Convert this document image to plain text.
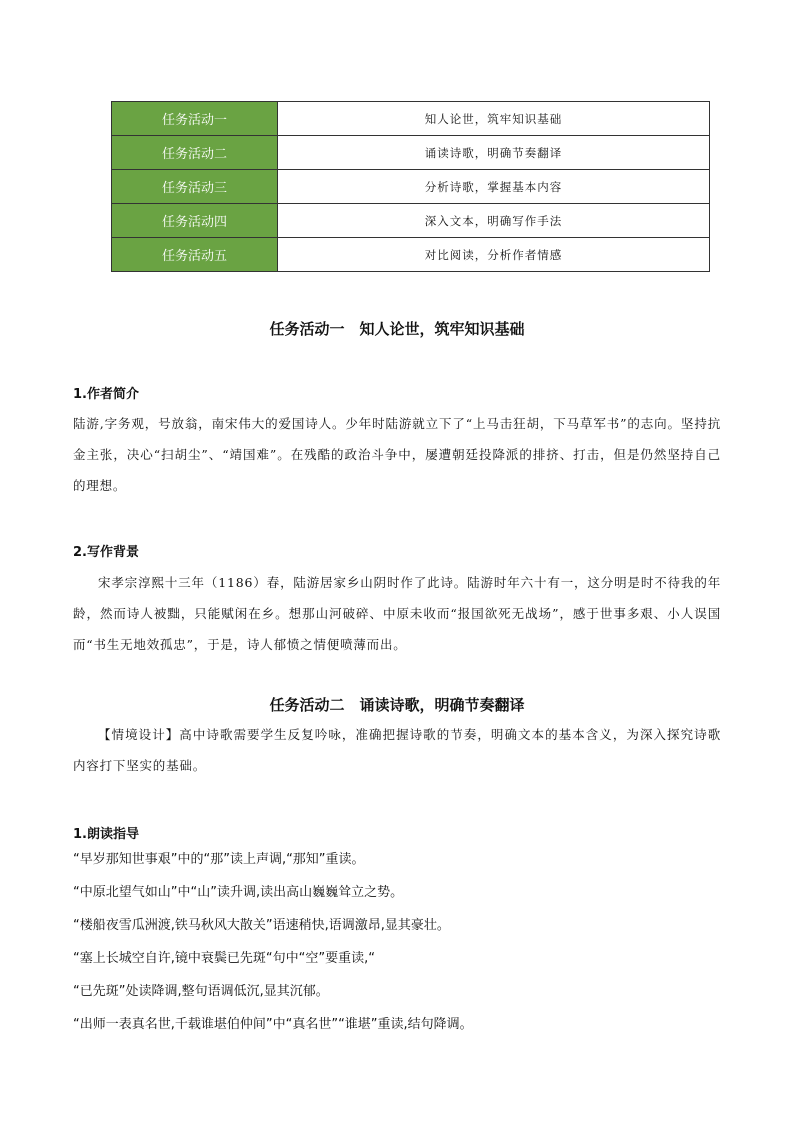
任务活动一	知人论世，筑牢知识基础
任务活动二	诵读诗歌，明确节奏翻译
任务活动三	分析诗歌，掌握基本内容
任务活动四	深入文本，明确写作手法
任务活动五	对比阅读，分析作者情感
任务活动一　知人论世，筑牢知识基础
1.作者简介

陆游,字务观，号放翁，南宋伟大的爱国诗人。少年时陆游就立下了“上马击狂胡，下马草军书”的志向。坚持抗金主张，决心“扫胡尘”、“靖国难”。在残酷的政治斗争中，屡遭朝廷投降派的排挤、打击，但是仍然坚持自己的理想。

2.写作背景

宋孝宗淳熙十三年（1186）春，陆游居家乡山阴时作了此诗。陆游时年六十有一，这分明是时不待我的年龄，然而诗人被黜，只能赋闲在乡。想那山河破碎、中原未收而“报国欲死无战场”，感于世事多艰、小人误国而“书生无地效孤忠”，于是，诗人郁愤之情便喷薄而出。

任务活动二　诵读诗歌，明确节奏翻译

【情境设计】高中诗歌需要学生反复吟咏，准确把握诗歌的节奏，明确文本的基本含义，为深入探究诗歌内容打下坚实的基础。

1.朗读指导
“早岁那知世事艰”中的“那”读上声调,“那知”重读。
“中原北望气如山”中“山”读升调,读出高山巍巍耸立之势。
“楼船夜雪瓜洲渡,铁马秋风大散关”语速稍快,语调激昂,显其豪壮。
“塞上长城空自许,镜中衰鬓已先斑“句中“空”要重读,“
“已先斑”处读降调,整句语调低沉,显其沉郁。
“出师一表真名世,千载谁堪伯仲间”中“真名世”“谁堪”重读,结句降调。
